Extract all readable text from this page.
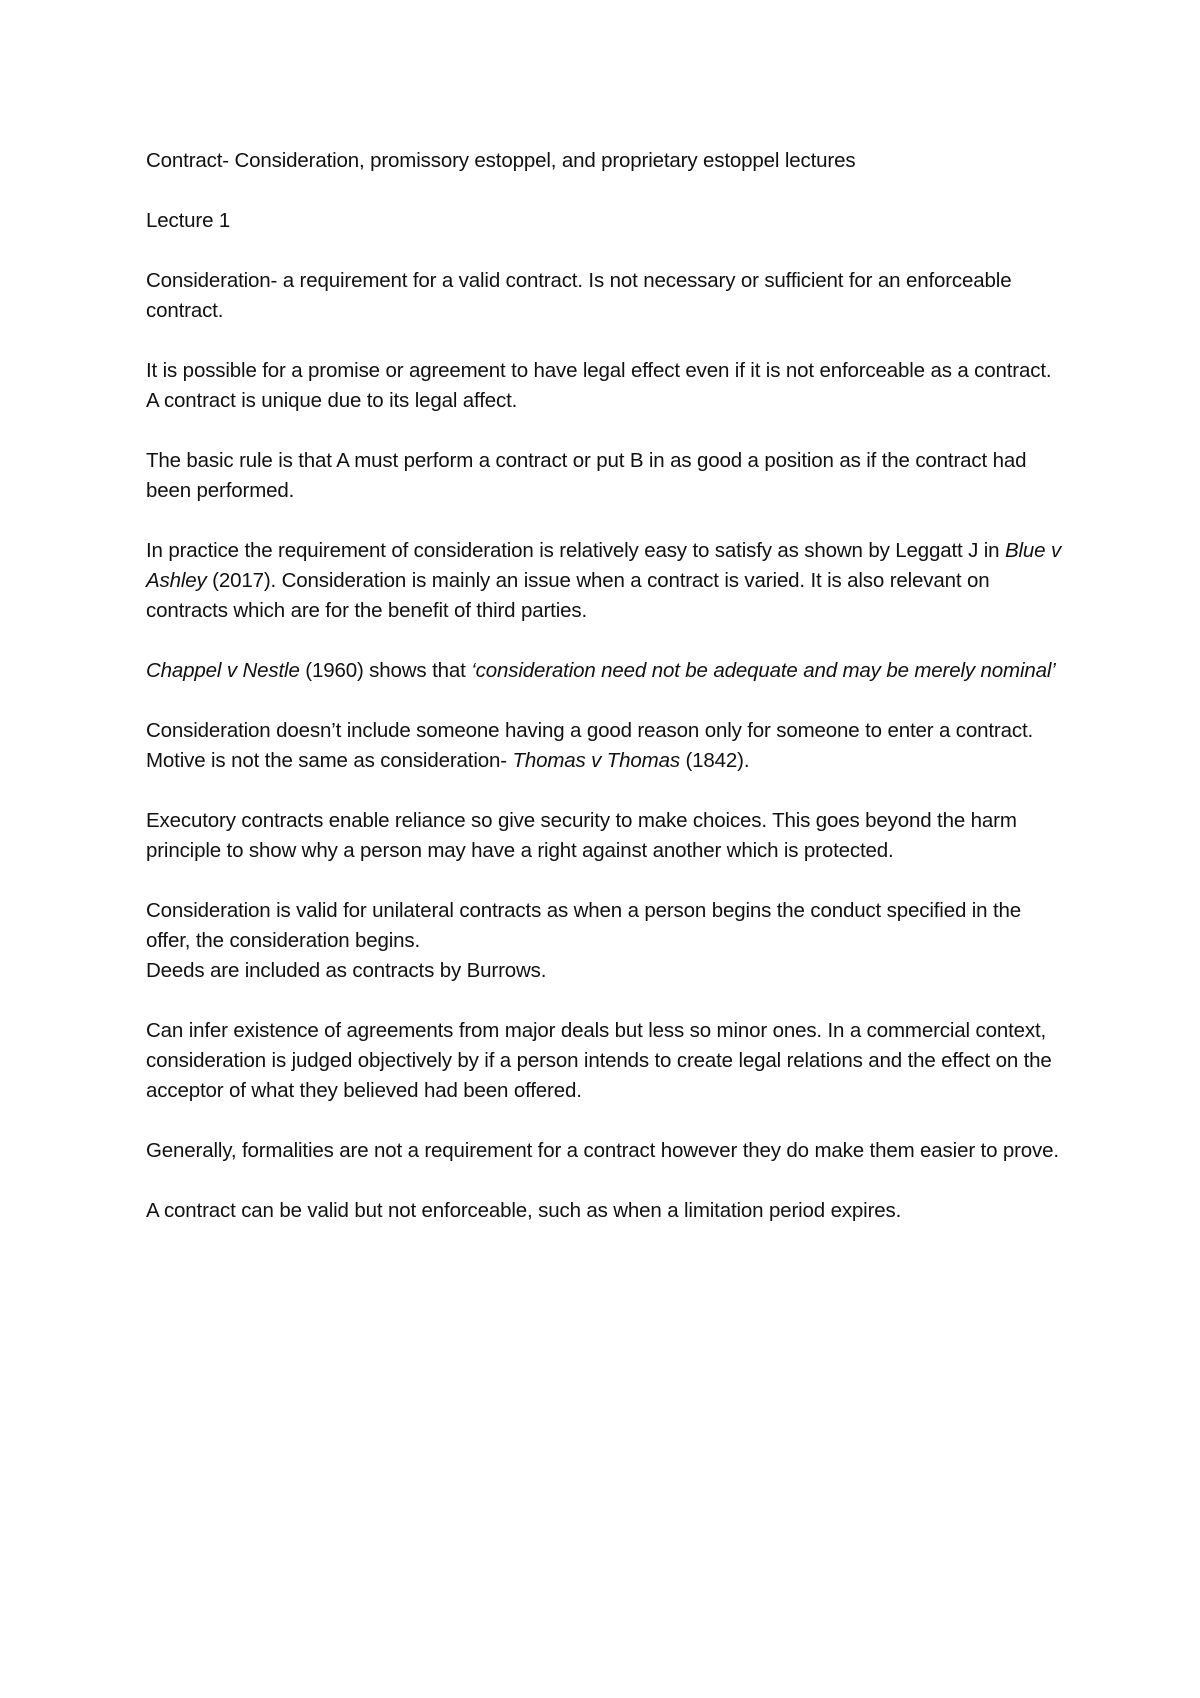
Contract- Consideration, promissory estoppel, and proprietary estoppel lectures

Lecture 1

Consideration- a requirement for a valid contract. Is not necessary or sufficient for an enforceable contract.

It is possible for a promise or agreement to have legal effect even if it is not enforceable as a contract. A contract is unique due to its legal affect.

The basic rule is that A must perform a contract or put B in as good a position as if the contract had been performed.

In practice the requirement of consideration is relatively easy to satisfy as shown by Leggatt J in Blue v Ashley (2017). Consideration is mainly an issue when a contract is varied. It is also relevant on contracts which are for the benefit of third parties.

Chappel v Nestle (1960) shows that ‘consideration need not be adequate and may be merely nominal’

Consideration doesn’t include someone having a good reason only for someone to enter a contract. Motive is not the same as consideration- Thomas v Thomas (1842).

Executory contracts enable reliance so give security to make choices. This goes beyond the harm principle to show why a person may have a right against another which is protected.

Consideration is valid for unilateral contracts as when a person begins the conduct specified in the offer, the consideration begins.

Deeds are included as contracts by Burrows.

Can infer existence of agreements from major deals but less so minor ones. In a commercial context, consideration is judged objectively by if a person intends to create legal relations and the effect on the acceptor of what they believed had been offered.

Generally, formalities are not a requirement for a contract however they do make them easier to prove.

A contract can be valid but not enforceable, such as when a limitation period expires.
